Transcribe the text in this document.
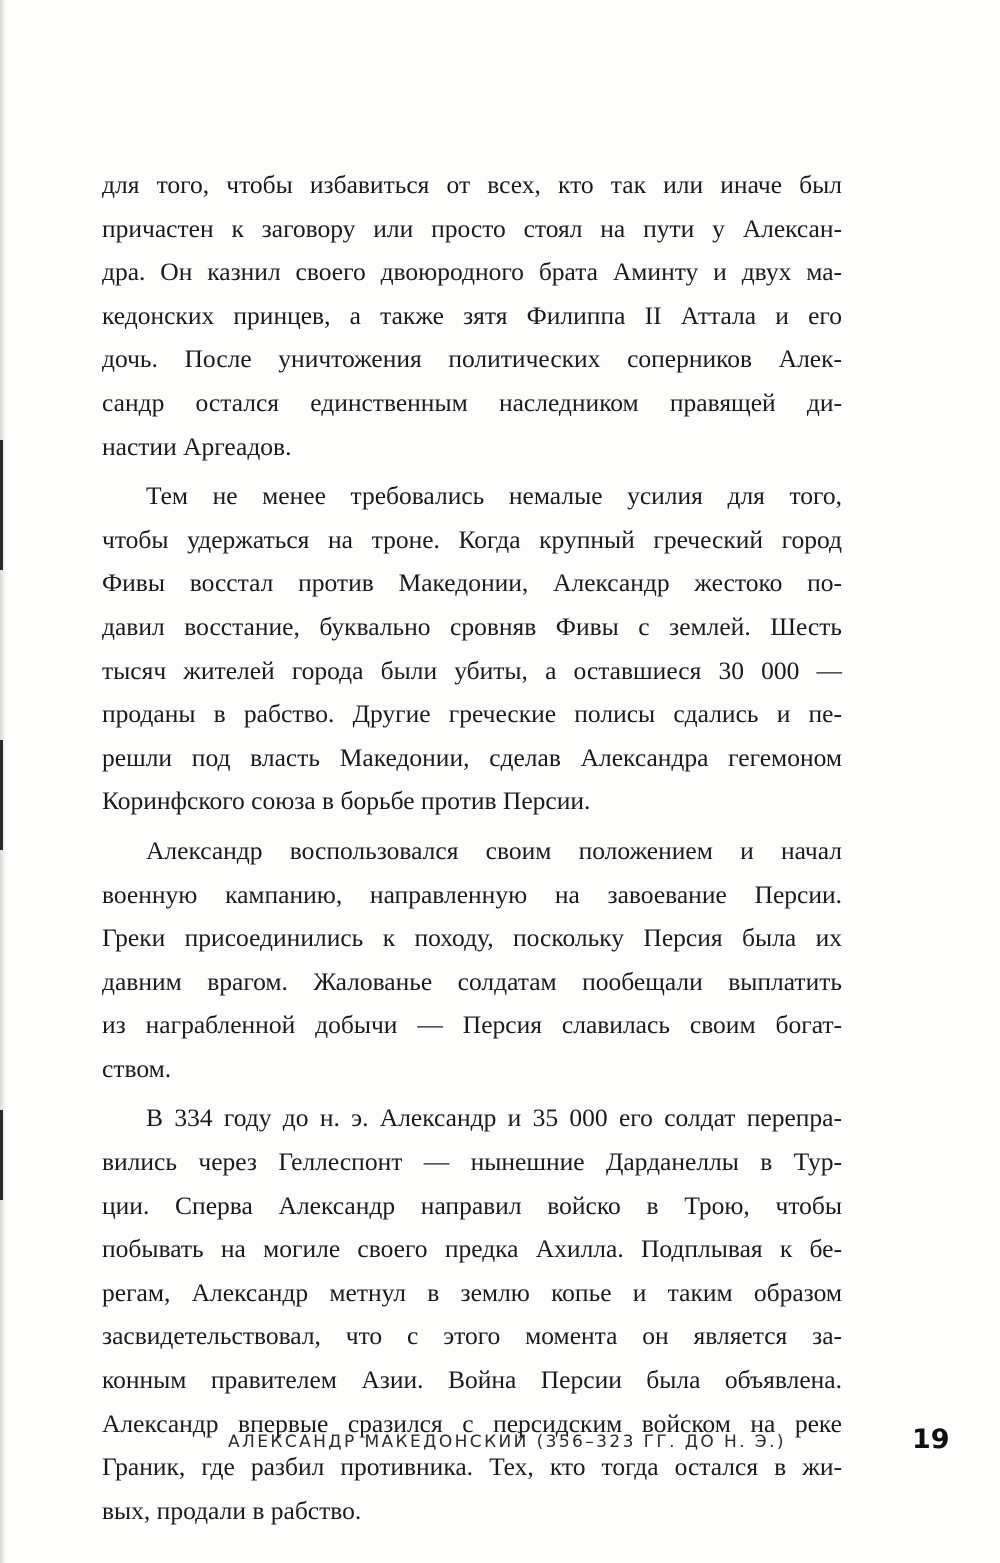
для того, чтобы избавиться от всех, кто так или иначе был
причастен к заговору или просто стоял на пути у Алексан-
дра. Он казнил своего двоюродного брата Аминту и двух ма-
кедонских принцев, а также зятя Филиппа II Аттала и его
дочь. После уничтожения политических соперников Алек-
сандр остался единственным наследником правящей ди-
настии Аргеадов.
Тем не менее требовались немалые усилия для того,
чтобы удержаться на троне. Когда крупный греческий город
Фивы восстал против Македонии, Александр жестоко по-
давил восстание, буквально сровняв Фивы с землей. Шесть
тысяч жителей города были убиты, а оставшиеся 30 000 —
проданы в рабство. Другие греческие полисы сдались и пе-
решли под власть Македонии, сделав Александра гегемоном
Коринфского союза в борьбе против Персии.
Александр воспользовался своим положением и начал
военную кампанию, направленную на завоевание Персии.
Греки присоединились к походу, поскольку Персия была их
давним врагом. Жалованье солдатам пообещали выплатить
из награбленной добычи — Персия славилась своим богат-
ством.
В 334 году до н. э. Александр и 35 000 его солдат перепра-
вились через Геллеспонт — нынешние Дарданеллы в Тур-
ции. Сперва Александр направил войско в Трою, чтобы
побывать на могиле своего предка Ахилла. Подплывая к бе-
регам, Александр метнул в землю копье и таким образом
засвидетельствовал, что с этого момента он является за-
конным правителем Азии. Война Персии была объявлена.
Александр впервые сразился с персидским войском на реке
Граник, где разбил противника. Тех, кто тогда остался в жи-
вых, продали в рабство.
АЛЕКСАНДР МАКЕДОНСКИЙ (356–323 ГГ. ДО Н. Э.)	19
